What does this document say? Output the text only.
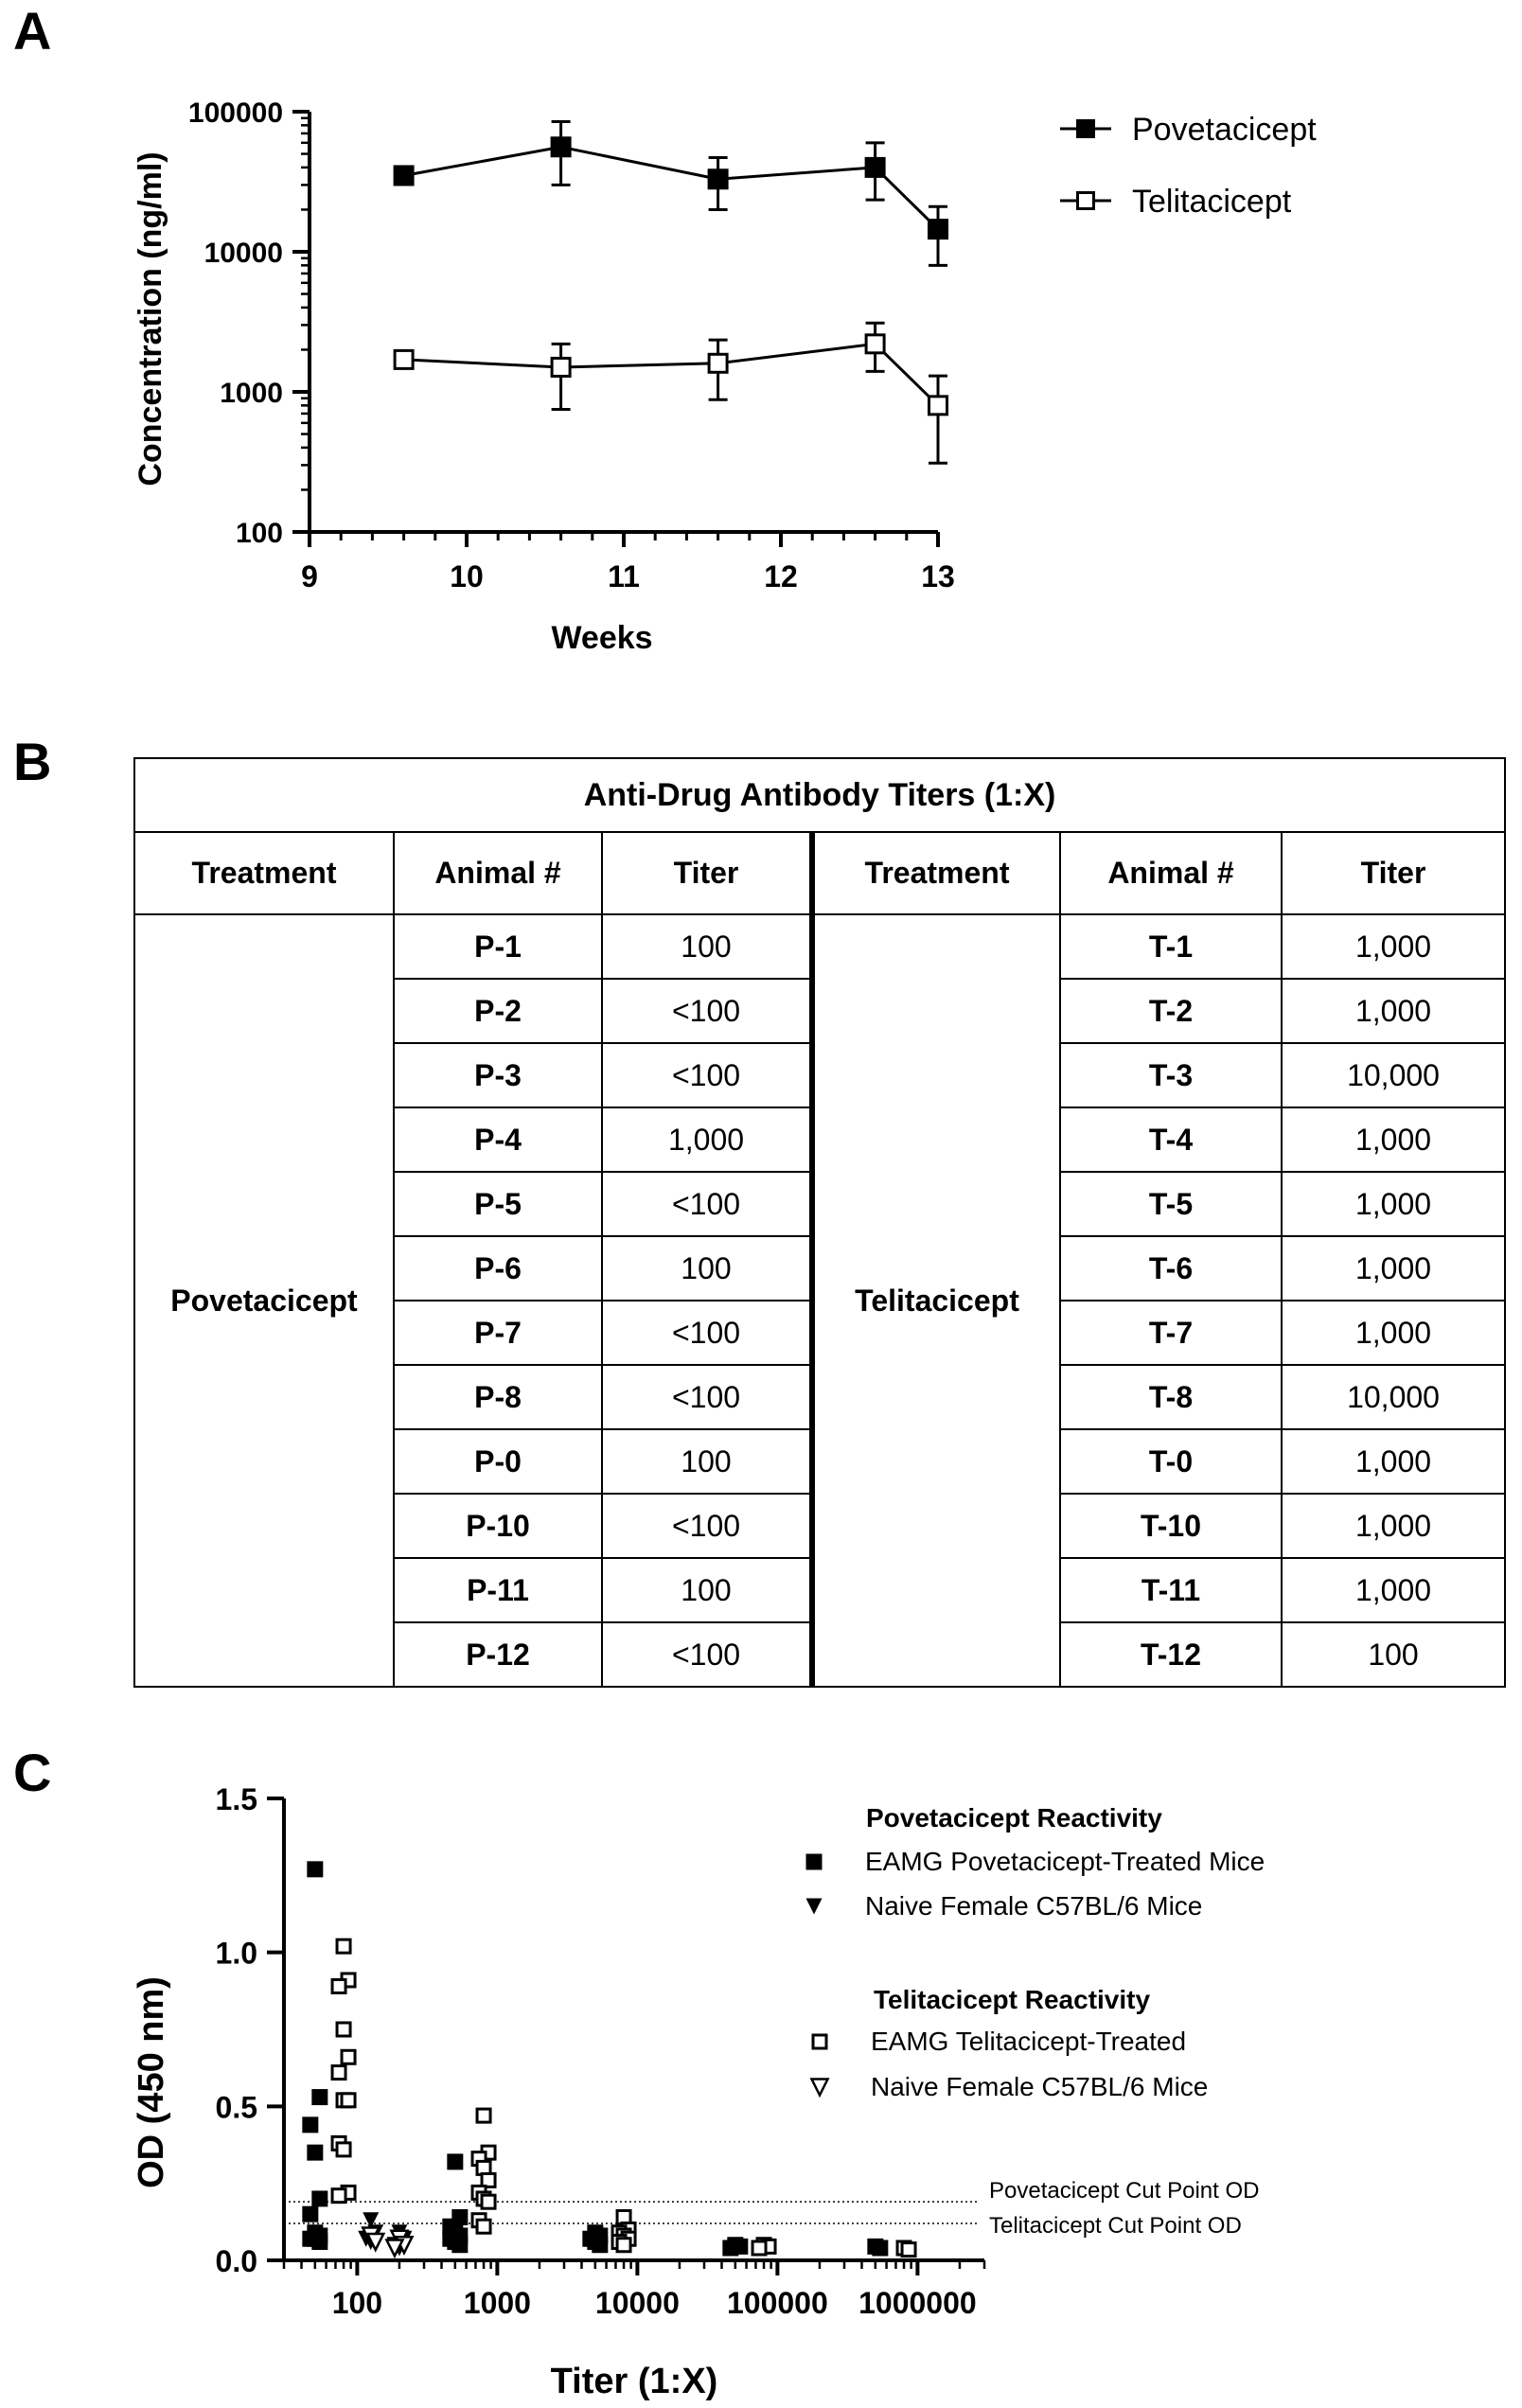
A
B
C
9	10	11	12	13
100
1000
10000
100000
Weeks
Concentration (ng/ml)
Povetacicept
Telitacicept
Anti-Drug Antibody Titers (1:X)					
Treatment	Animal #	Titer	Treatment	Animal #	Titer
Povetacicept	P-1	100	Telitacicept	T-1	1,000
	P-2	<100		T-2	1,000
	P-3	<100		T-3	10,000
	P-4	1,000		T-4	1,000
	P-5	<100		T-5	1,000
	P-6	100		T-6	1,000
	P-7	<100		T-7	1,000
	P-8	<100		T-8	10,000
	P-0	100		T-0	1,000
	P-10	<100		T-10	1,000
	P-11	100		T-11	1,000
	P-12	<100		T-12	100
0.0
0.5
1.0
1.5
100	1000 10000 100000 1000000
Povetacicept Cut Point OD
Telitacicept Cut Point OD
Titer (1:X)
OD (450 nm)
Povetacicept Reactivity
EAMG Povetacicept-Treated Mice
Naive Female C57BL/6 Mice
Telitacicept Reactivity
EAMG Telitacicept-Treated
Naive Female C57BL/6 Mice
